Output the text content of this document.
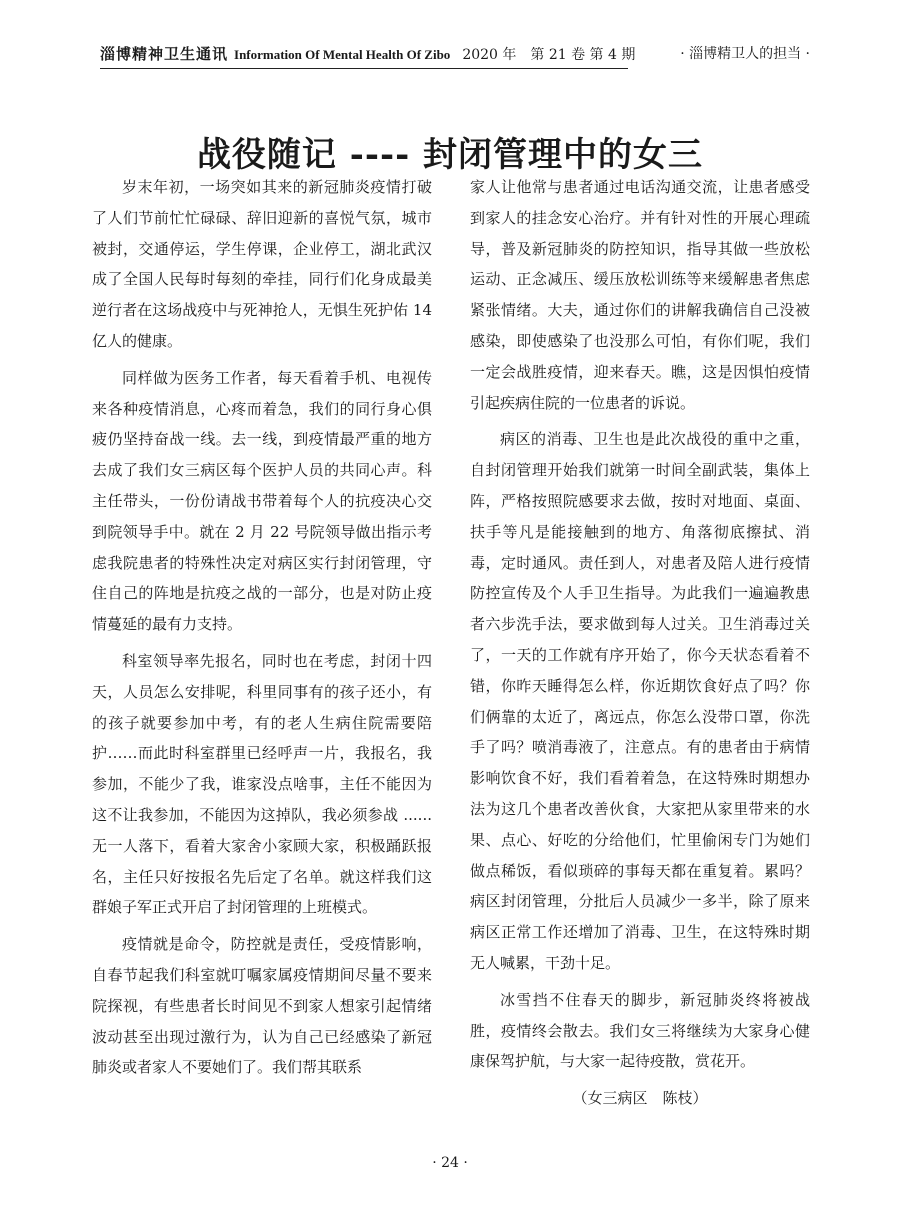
淄博精神卫生通讯 Information Of Mental Health Of Zibo 2020 年　第 21 卷 第 4 期	· 淄博精卫人的担当 ·
战役随记 ---- 封闭管理中的女三

岁末年初，一场突如其来的新冠肺炎疫情打破了人们节前忙忙碌碌、辞旧迎新的喜悦气氛，城市被封，交通停运，学生停课，企业停工，湖北武汉成了全国人民每时每刻的牵挂，同行们化身成最美逆行者在这场战疫中与死神抢人，无惧生死护佑 14 亿人的健康。

同样做为医务工作者，每天看着手机、电视传来各种疫情消息，心疼而着急，我们的同行身心俱疲仍坚持奋战一线。去一线，到疫情最严重的地方去成了我们女三病区每个医护人员的共同心声。科主任带头，一份份请战书带着每个人的抗疫决心交到院领导手中。就在 2 月 22 号院领导做出指示考虑我院患者的特殊性决定对病区实行封闭管理，守住自己的阵地是抗疫之战的一部分，也是对防止疫情蔓延的最有力支持。

科室领导率先报名，同时也在考虑，封闭十四天，人员怎么安排呢，科里同事有的孩子还小，有的孩子就要参加中考，有的老人生病住院需要陪护……而此时科室群里已经呼声一片，我报名，我参加，不能少了我，谁家没点啥事，主任不能因为这不让我参加，不能因为这掉队，我必须参战 ...... 无一人落下，看着大家舍小家顾大家，积极踊跃报名，主任只好按报名先后定了名单。就这样我们这群娘子军正式开启了封闭管理的上班模式。

疫情就是命令，防控就是责任，受疫情影响，自春节起我们科室就叮嘱家属疫情期间尽量不要来院探视，有些患者长时间见不到家人想家引起情绪波动甚至出现过激行为，认为自己已经感染了新冠肺炎或者家人不要她们了。我们帮其联系

家人让他常与患者通过电话沟通交流，让患者感受到家人的挂念安心治疗。并有针对性的开展心理疏导，普及新冠肺炎的防控知识，指导其做一些放松运动、正念减压、缓压放松训练等来缓解患者焦虑紧张情绪。大夫，通过你们的讲解我确信自己没被感染，即使感染了也没那么可怕，有你们呢，我们一定会战胜疫情，迎来春天。瞧，这是因惧怕疫情引起疾病住院的一位患者的诉说。

病区的消毒、卫生也是此次战役的重中之重，自封闭管理开始我们就第一时间全副武装，集体上阵，严格按照院感要求去做，按时对地面、桌面、扶手等凡是能接触到的地方、角落彻底擦拭、消毒，定时通风。责任到人，对患者及陪人进行疫情防控宣传及个人手卫生指导。为此我们一遍遍教患者六步洗手法，要求做到每人过关。卫生消毒过关了，一天的工作就有序开始了，你今天状态看着不错，你昨天睡得怎么样，你近期饮食好点了吗？你们俩靠的太近了，离远点，你怎么没带口罩，你洗手了吗？喷消毒液了，注意点。有的患者由于病情影响饮食不好，我们看着着急，在这特殊时期想办法为这几个患者改善伙食，大家把从家里带来的水果、点心、好吃的分给他们，忙里偷闲专门为她们做点稀饭，看似琐碎的事每天都在重复着。累吗？病区封闭管理，分批后人员减少一多半，除了原来病区正常工作还增加了消毒、卫生，在这特殊时期无人喊累，干劲十足。

冰雪挡不住春天的脚步，新冠肺炎终将被战胜，疫情终会散去。我们女三将继续为大家身心健康保驾护航，与大家一起待疫散，赏花开。

（女三病区　陈枝）

· 24 ·
